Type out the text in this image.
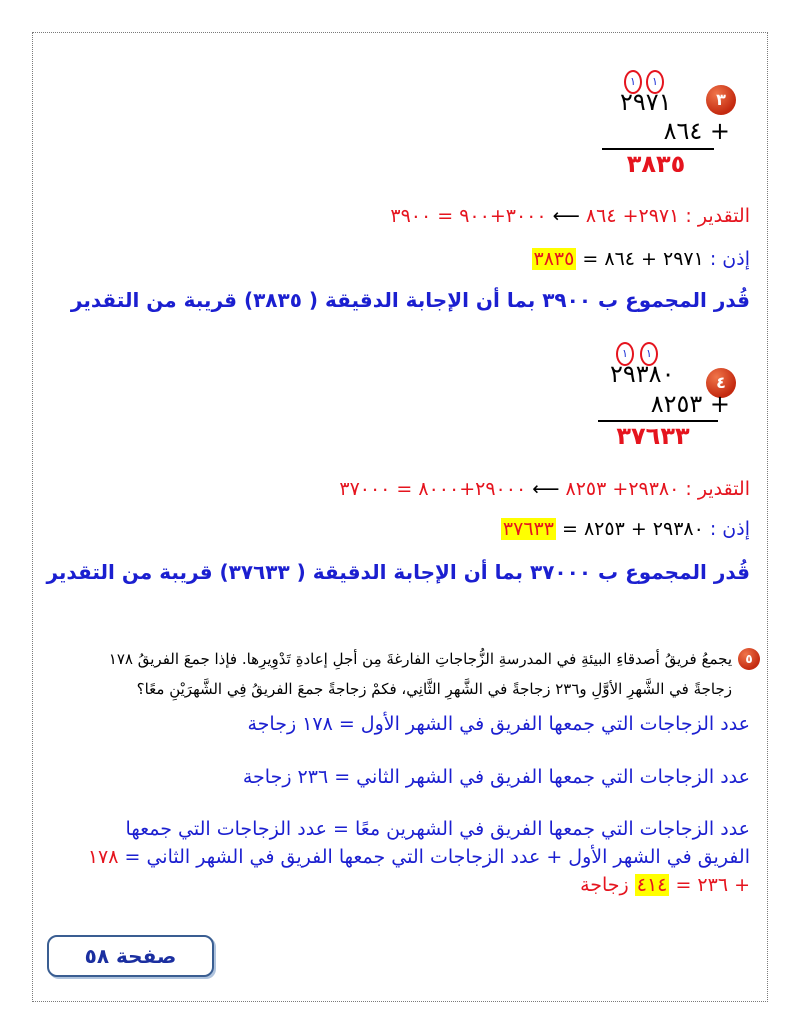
٣
١	١
٢٩٧١
٨٦٤ +
٣٨٣٥
التقدير : ٢٩٧١+ ٨٦٤ ⟵ ٣٠٠٠+٩٠٠ = ٣٩٠٠
إذن : ٢٩٧١ + ٨٦٤ = ٣٨٣٥
قُدر المجموع ب ٣٩٠٠ بما أن الإجابة الدقيقة ( ٣٨٣٥) قريبة من التقدير
٤
١	١
٢٩٣٨٠
٨٢٥٣ +
٣٧٦٣٣
التقدير : ٢٩٣٨٠+ ٨٢٥٣ ⟵ ٢٩٠٠٠+٨٠٠٠ = ٣٧٠٠٠
إذن : ٢٩٣٨٠ + ٨٢٥٣ = ٣٧٦٣٣
قُدر المجموع ب ٣٧٠٠٠ بما أن الإجابة الدقيقة ( ٣٧٦٣٣) قريبة من التقدير
٥
يجمعُ فريقُ أصدقاءِ البيئةِ في المدرسةِ الزُّجاجاتِ الفارغةَ مِن أجلِ إعادةِ تَدْوِيرِها. فإذا جمعَ الفريقُ ١٧٨
زجاجةً في الشَّهرِ الأوَّلِ و٢٣٦ زجاجةً في الشَّهرِ الثَّانِي، فكمْ زجاجةً جمعَ الفريقُ فِي الشَّهرَيْنِ معًا؟
عدد الزجاجات التي جمعها الفريق في الشهر الأول = ١٧٨ زجاجة
عدد الزجاجات التي جمعها الفريق في الشهر الثاني = ٢٣٦ زجاجة
عدد الزجاجات التي جمعها الفريق في الشهرين معًا = عدد الزجاجات التي جمعها
الفريق في الشهر الأول + عدد الزجاجات التي جمعها الفريق في الشهر الثاني = ١٧٨
+ ٢٣٦ = ٤١٤ زجاجة
صفحة ٥٨
